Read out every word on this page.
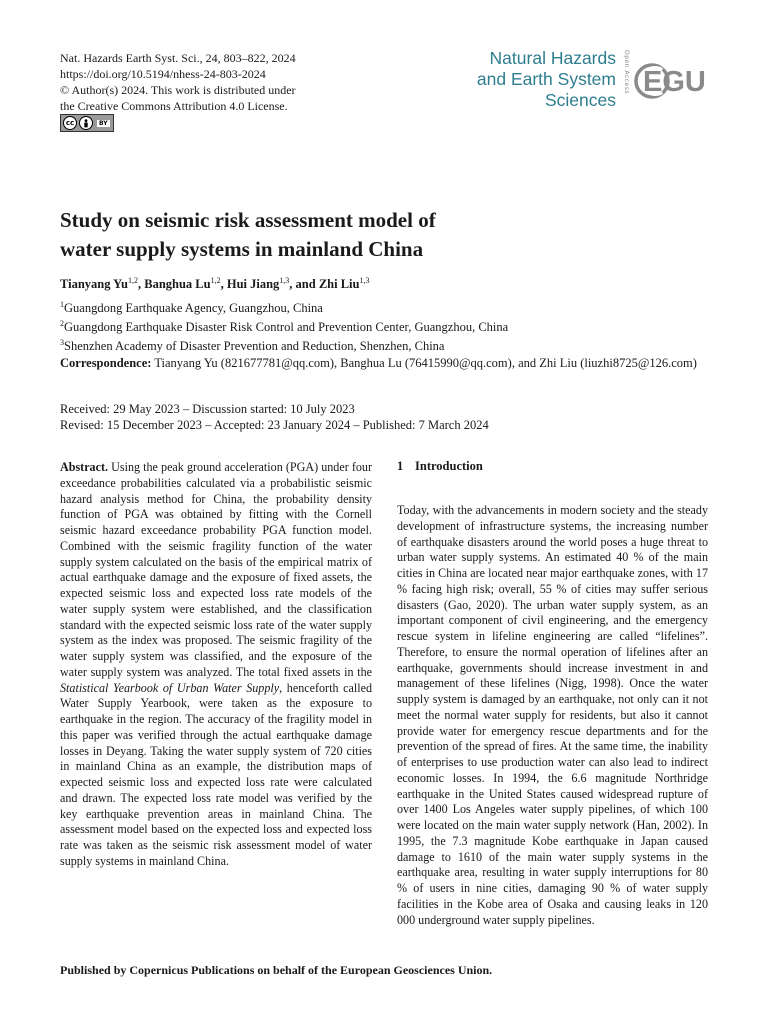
Nat. Hazards Earth Syst. Sci., 24, 803–822, 2024
https://doi.org/10.5194/nhess-24-803-2024
© Author(s) 2024. This work is distributed under
the Creative Commons Attribution 4.0 License.
cc	BY
Natural Hazards
and Earth System
Sciences
Open Access EGU
Study on seismic risk assessment model of
water supply systems in mainland China
Tianyang Yu$^{1,2}$, Banghua Lu$^{1,2}$, Hui Jiang$^{1,3}$, and Zhi Liu$^{1,3}$
$^1$Guangdong Earthquake Agency, Guangzhou, China
$^2$Guangdong Earthquake Disaster Risk Control and Prevention Center, Guangzhou, China
$^3$Shenzhen Academy of Disaster Prevention and Reduction, Shenzhen, China
Correspondence: Tianyang Yu (821677781@qq.com), Banghua Lu (76415990@qq.com), and Zhi Liu (liuzhi8725@126.com)
Received: 29 May 2023 – Discussion started: 10 July 2023
Revised: 15 December 2023 – Accepted: 23 January 2024 – Published: 7 March 2024

Abstract. Using the peak ground acceleration (PGA) under four exceedance probabilities calculated via a probabilistic seismic hazard analysis method for China, the probability density function of PGA was obtained by fitting with the Cornell seismic hazard exceedance probability PGA function model. Combined with the seismic fragility function of the water supply system calculated on the basis of the empirical matrix of actual earthquake damage and the exposure of fixed assets, the expected seismic loss and expected loss rate models of the water supply system were established, and the classification standard with the expected seismic loss rate of the water supply system as the index was proposed. The seismic fragility of the water supply system was classified, and the exposure of the water supply system was analyzed. The total fixed assets in the Statistical Yearbook of Urban Water Supply, henceforth called Water Supply Yearbook, were taken as the exposure to earthquake in the region. The accuracy of the fragility model in this paper was verified through the actual earthquake damage losses in Deyang. Taking the water supply system of 720 cities in mainland China as an example, the distribution maps of expected seismic loss and expected loss rate were calculated and drawn. The expected loss rate model was verified by the key earthquake prevention areas in mainland China. The assessment model based on the expected loss and expected loss rate was taken as the seismic risk assessment model of water supply systems in mainland China.

1 Introduction

Today, with the advancements in modern society and the steady development of infrastructure systems, the increasing number of earthquake disasters around the world poses a huge threat to urban water supply systems. An estimated 40 % of the main cities in China are located near major earthquake zones, with 17 % facing high risk; overall, 55 % of cities may suffer serious disasters (Gao, 2020). The urban water supply system, as an important component of civil engineering, and the emergency rescue system in lifeline engineering are called “lifelines”. Therefore, to ensure the normal operation of lifelines after an earthquake, governments should increase investment in and management of these lifelines (Nigg, 1998). Once the water supply system is damaged by an earthquake, not only can it not meet the normal water supply for residents, but also it cannot provide water for emergency rescue departments and for the prevention of the spread of fires. At the same time, the inability of enterprises to use production water can also lead to indirect economic losses. In 1994, the 6.6 magnitude Northridge earthquake in the United States caused widespread rupture of over 1400 Los Angeles water supply pipelines, of which 100 were located on the main water supply network (Han, 2002). In 1995, the 7.3 magnitude Kobe earthquake in Japan caused damage to 1610 of the main water supply systems in the earthquake area, resulting in water supply interruptions for 80 % of users in nine cities, damaging 90 % of water supply facilities in the Kobe area of Osaka and causing leaks in 120 000 underground water supply pipelines.

Published by Copernicus Publications on behalf of the European Geosciences Union.
